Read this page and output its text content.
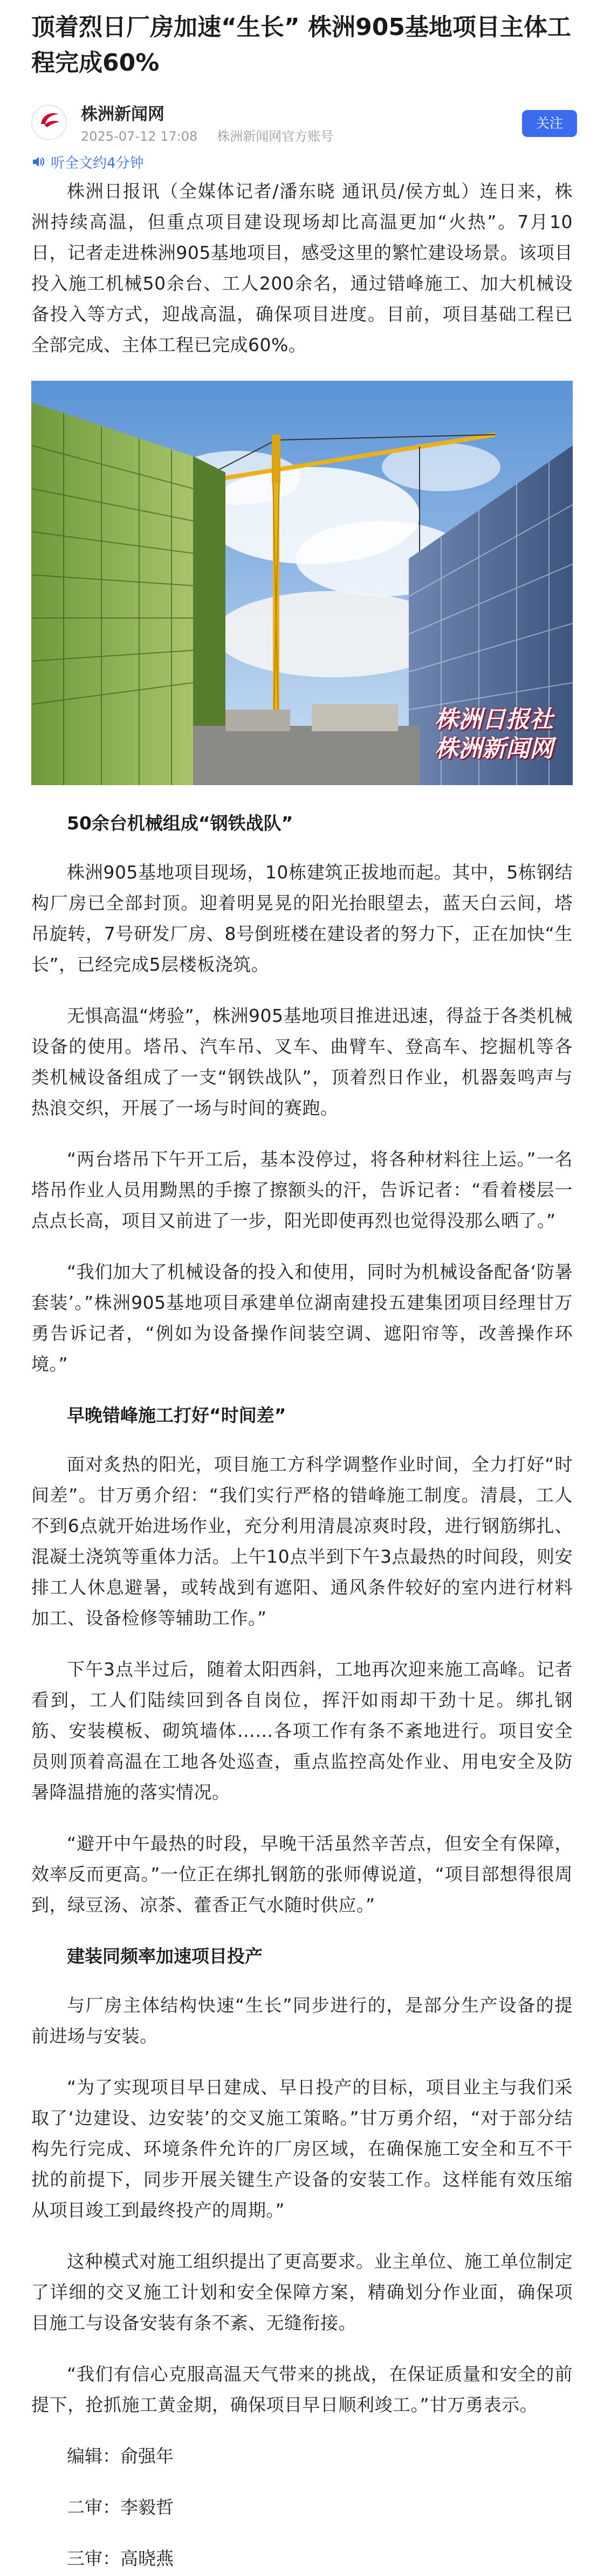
顶着烈日厂房加速“生长” 株洲905基地项目主体工程完成60%
株洲新闻网
2025-07-12 17:08 株洲新闻网官方账号
关注
听全文约4分钟

株洲日报讯（全媒体记者/潘东晓 通讯员/侯方虬）连日来，株洲持续高温，但重点项目建设现场却比高温更加“火热”。7月10日，记者走进株洲905基地项目，感受这里的繁忙建设场景。该项目投入施工机械50余台、工人200余名，通过错峰施工、加大机械设备投入等方式，迎战高温，确保项目进度。目前，项目基础工程已全部完成、主体工程已完成60%。

株洲日报社
株洲新闻网

50余台机械组成“钢铁战队”

株洲905基地项目现场，10栋建筑正拔地而起。其中，5栋钢结构厂房已全部封顶。迎着明晃晃的阳光抬眼望去，蓝天白云间，塔吊旋转，7号研发厂房、8号倒班楼在建设者的努力下，正在加快“生长”，已经完成5层楼板浇筑。

无惧高温“烤验”，株洲905基地项目推进迅速，得益于各类机械设备的使用。塔吊、汽车吊、叉车、曲臂车、登高车、挖掘机等各类机械设备组成了一支“钢铁战队”，顶着烈日作业，机器轰鸣声与热浪交织，开展了一场与时间的赛跑。

“两台塔吊下午开工后，基本没停过，将各种材料往上运。”一名塔吊作业人员用黝黑的手擦了擦额头的汗，告诉记者：“看着楼层一点点长高，项目又前进了一步，阳光即使再烈也觉得没那么晒了。”

“我们加大了机械设备的投入和使用，同时为机械设备配备‘防暑套装’。”株洲905基地项目承建单位湖南建投五建集团项目经理甘万勇告诉记者，“例如为设备操作间装空调、遮阳帘等，改善操作环境。”

早晚错峰施工打好“时间差”

面对炙热的阳光，项目施工方科学调整作业时间，全力打好“时间差”。甘万勇介绍：“我们实行严格的错峰施工制度。清晨，工人不到6点就开始进场作业，充分利用清晨凉爽时段，进行钢筋绑扎、混凝土浇筑等重体力活。上午10点半到下午3点最热的时间段，则安排工人休息避暑，或转战到有遮阳、通风条件较好的室内进行材料加工、设备检修等辅助工作。”

下午3点半过后，随着太阳西斜，工地再次迎来施工高峰。记者看到，工人们陆续回到各自岗位，挥汗如雨却干劲十足。绑扎钢筋、安装模板、砌筑墙体……各项工作有条不紊地进行。项目安全员则顶着高温在工地各处巡查，重点监控高处作业、用电安全及防暑降温措施的落实情况。

“避开中午最热的时段，早晚干活虽然辛苦点，但安全有保障，效率反而更高。”一位正在绑扎钢筋的张师傅说道，“项目部想得很周到，绿豆汤、凉茶、藿香正气水随时供应。”

建装同频率加速项目投产

与厂房主体结构快速“生长”同步进行的，是部分生产设备的提前进场与安装。

“为了实现项目早日建成、早日投产的目标，项目业主与我们采取了‘边建设、边安装’的交叉施工策略。”甘万勇介绍，“对于部分结构先行完成、环境条件允许的厂房区域，在确保施工安全和互不干扰的前提下，同步开展关键生产设备的安装工作。这样能有效压缩从项目竣工到最终投产的周期。”

这种模式对施工组织提出了更高要求。业主单位、施工单位制定了详细的交叉施工计划和安全保障方案，精确划分作业面，确保项目施工与设备安装有条不紊、无缝衔接。

“我们有信心克服高温天气带来的挑战，在保证质量和安全的前提下，抢抓施工黄金期，确保项目早日顺利竣工。”甘万勇表示。

编辑：俞强年

二审：李毅哲

三审：高晓燕
